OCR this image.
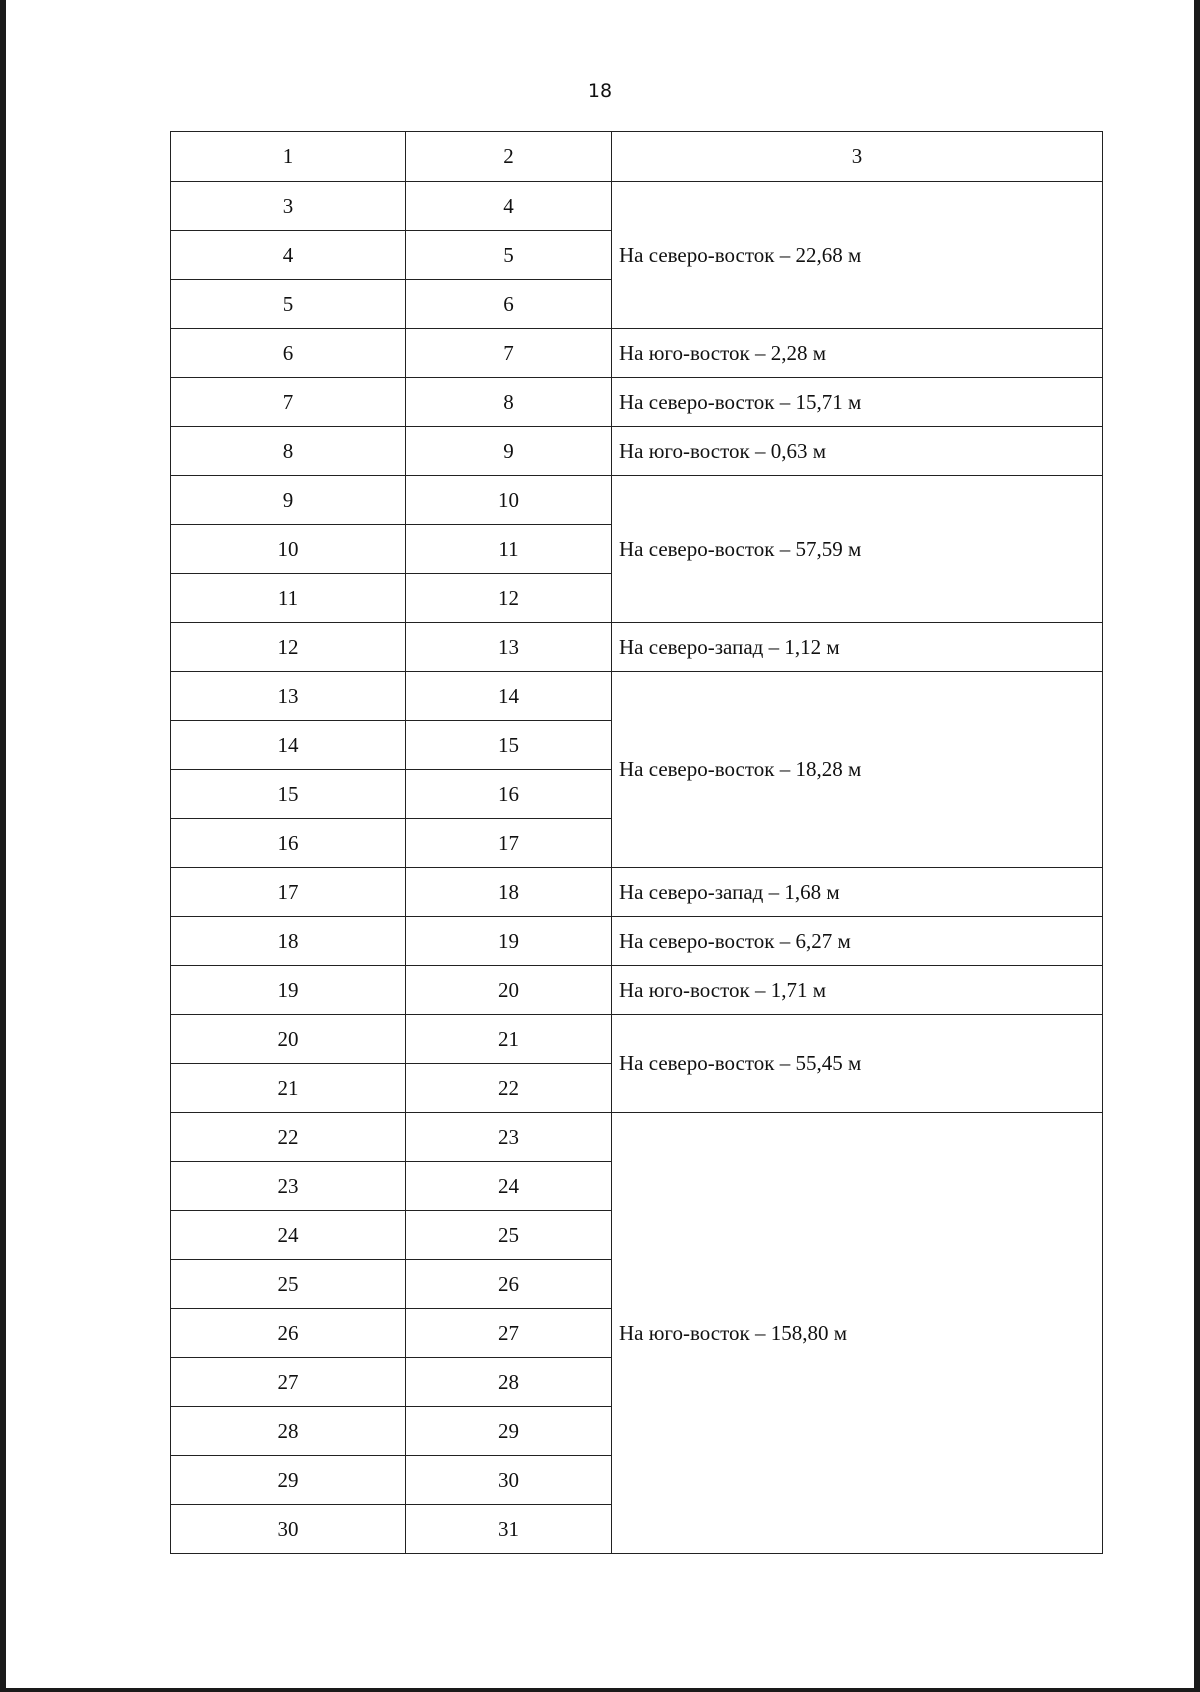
18
1	2	3
3	4	На северо-восток – 22,68 м
4	5	
5	6	
6	7	На юго-восток – 2,28 м
7	8	На северо-восток – 15,71 м
8	9	На юго-восток – 0,63 м
9	10	На северо-восток – 57,59 м
10	11	
11	12	
12	13	На северо-запад – 1,12 м
13	14	На северо-восток – 18,28 м
14	15	
15	16	
16	17	
17	18	На северо-запад – 1,68 м
18	19	На северо-восток – 6,27 м
19	20	На юго-восток – 1,71 м
20	21	На северо-восток – 55,45 м
21	22	
22	23	На юго-восток – 158,80 м
23	24	
24	25	
25	26	
26	27	
27	28	
28	29	
29	30	
30	31	
